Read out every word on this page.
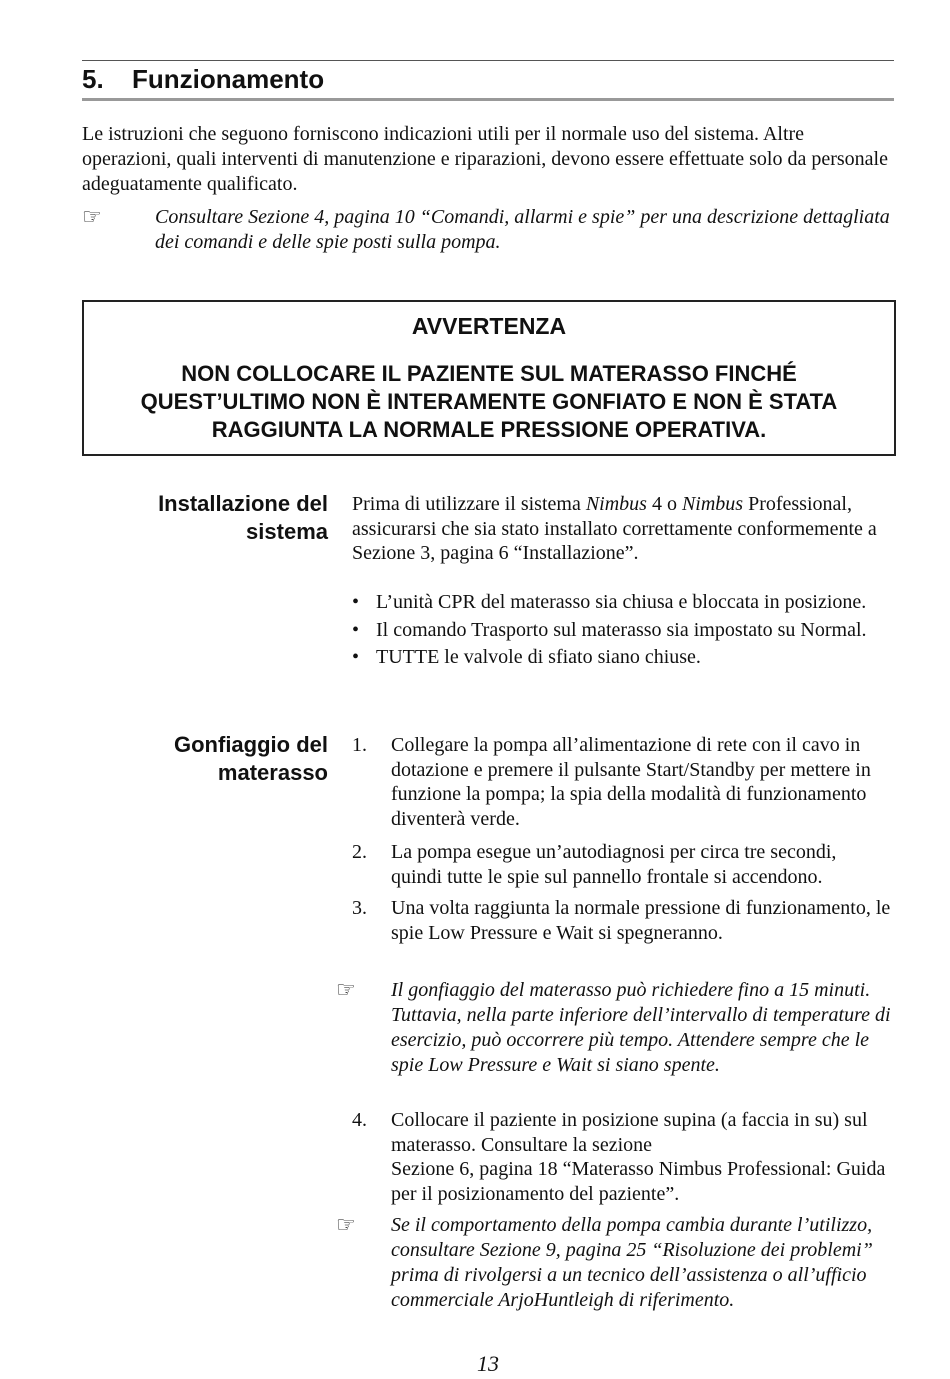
5. Funzionamento

Le istruzioni che seguono forniscono indicazioni utili per il normale uso del sistema. Altre operazioni, quali interventi di manutenzione e riparazioni, devono essere effettuate solo da personale adeguatamente qualificato.

☞	Consultare Sezione 4, pagina 10 “Comandi, allarmi e spie” per una descrizione dettagliata dei comandi e delle spie posti sulla pompa.
AVVERTENZA
NON COLLOCARE IL PAZIENTE SUL MATERASSO FINCHÉ
QUEST’ULTIMO NON È INTERAMENTE GONFIATO E NON È STATA
RAGGIUNTA LA NORMALE PRESSIONE OPERATIVA.
Installazione del
sistema

Prima di utilizzare il sistema Nimbus 4 o Nimbus Professional, assicurarsi che sia stato installato correttamente conformemente a
Sezione 3, pagina 6 “Installazione”.

• L’unità CPR del materasso sia chiusa e bloccata in posizione.
• Il comando Trasporto sul materasso sia impostato su Normal.
• TUTTE le valvole di sfiato siano chiuse.
Gonfiaggio del
materasso
1. Collegare la pompa all’alimentazione di rete con il cavo in dotazione e premere il pulsante Start/Standby per mettere in funzione la pompa; la spia della modalità di funzionamento diventerà verde.
2. La pompa esegue un’autodiagnosi per circa tre secondi, quindi tutte le spie sul pannello frontale si accendono.
3. Una volta raggiunta la normale pressione di funzionamento, le spie Low Pressure e Wait si spegneranno.
☞ Il gonfiaggio del materasso può richiedere fino a 15 minuti. Tuttavia, nella parte inferiore dell’intervallo di temperature di esercizio, può occorrere più tempo. Attendere sempre che le spie Low Pressure e Wait si siano spente.
4. Collocare il paziente in posizione supina (a faccia in su) sul materasso. Consultare la sezione
Sezione 6, pagina 18 “Materasso Nimbus Professional: Guida per il posizionamento del paziente”.
☞ Se il comportamento della pompa cambia durante l’utilizzo, consultare Sezione 9, pagina 25 “Risoluzione dei problemi” prima di rivolgersi a un tecnico dell’assistenza o all’ufficio commerciale ArjoHuntleigh di riferimento.
13
